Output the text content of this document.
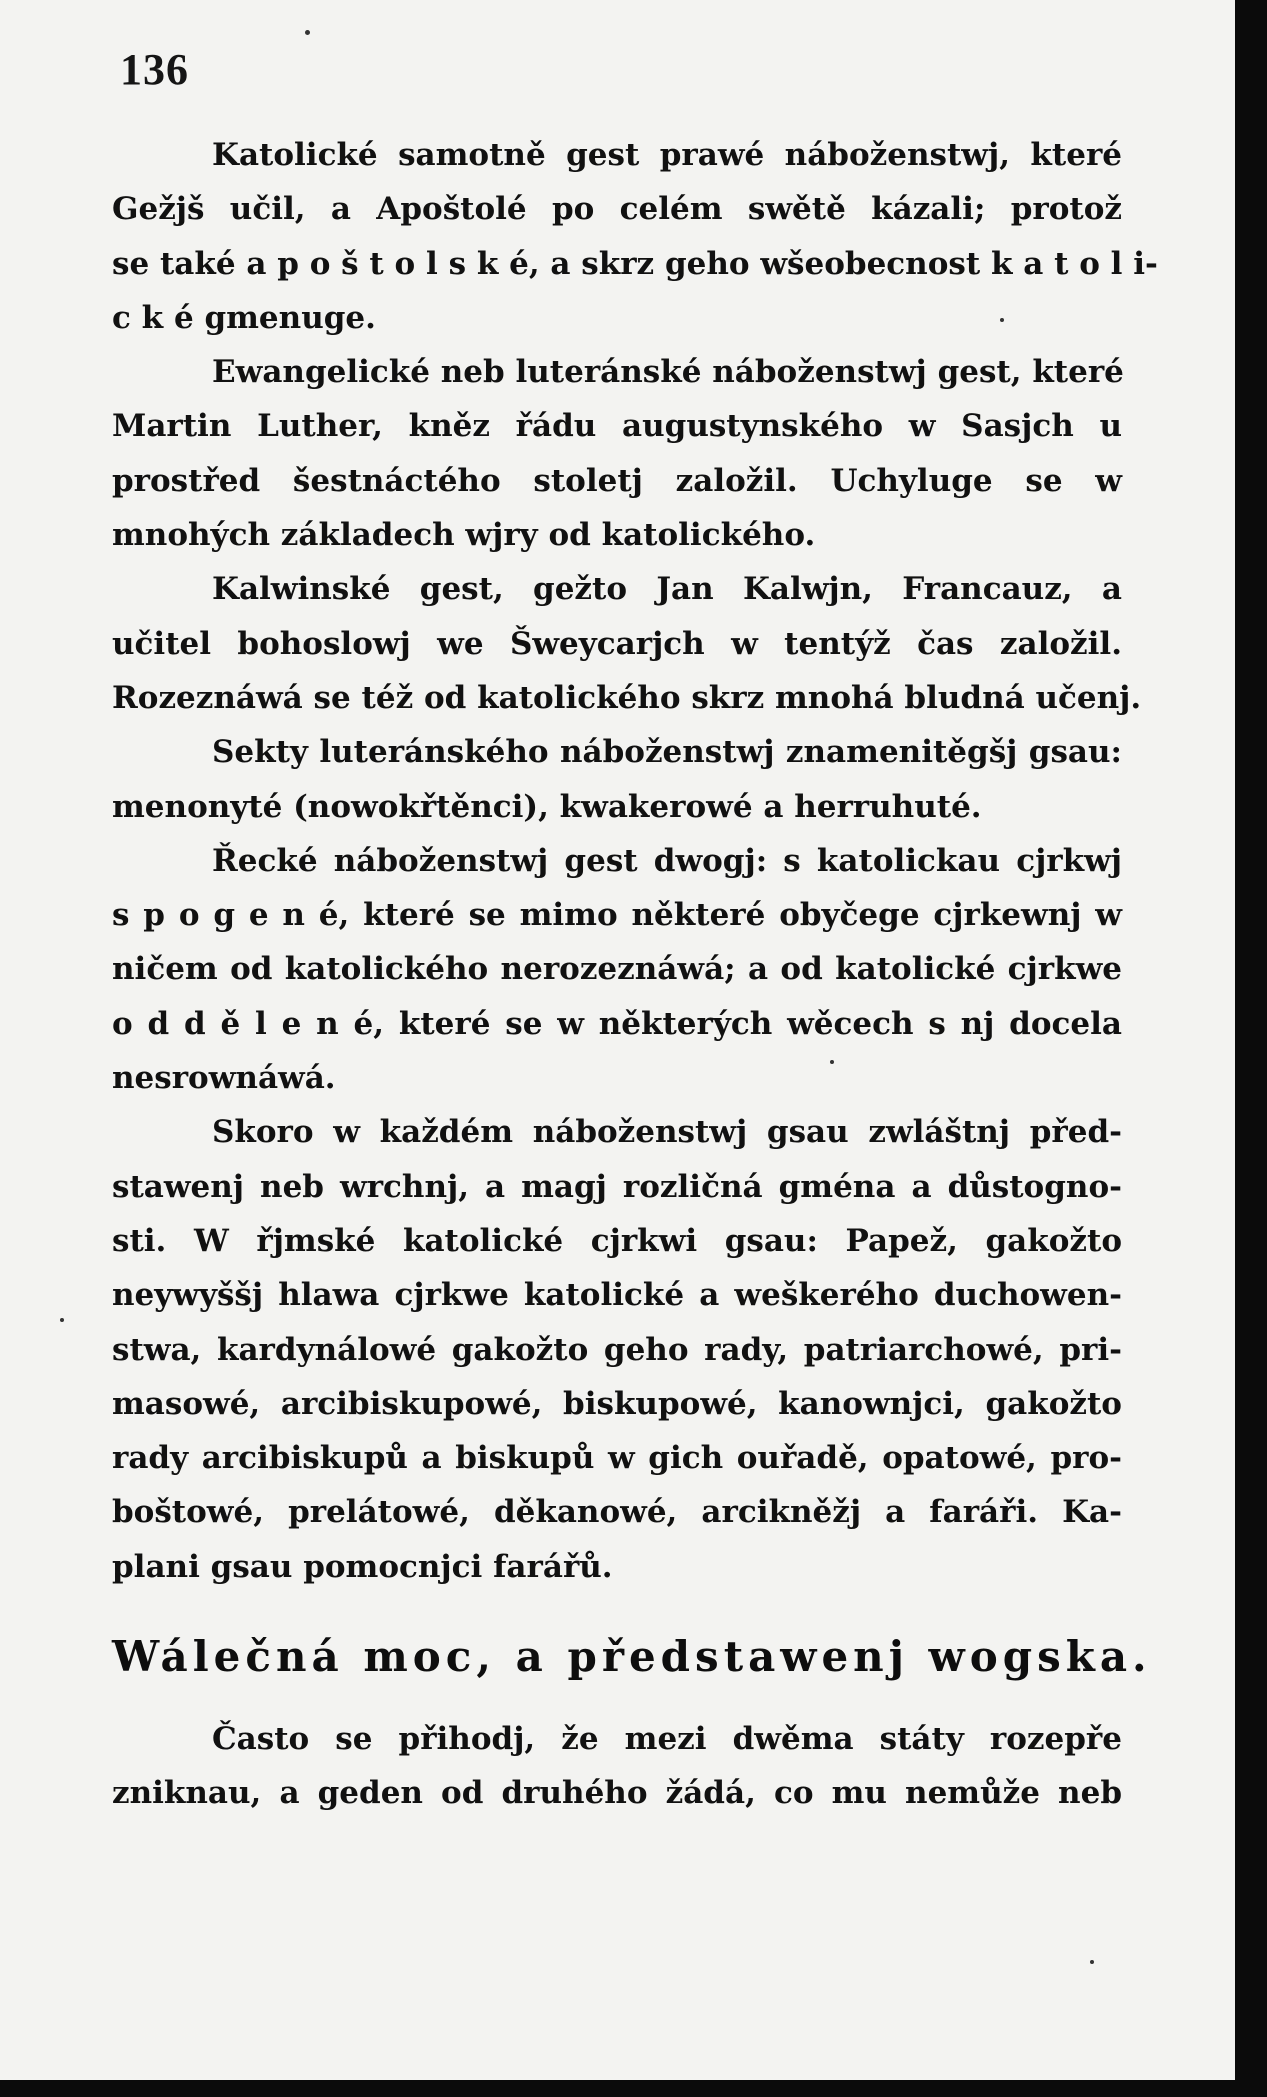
136
Katolické samotně gest prawé náboženstwj, které
Gežjš učil, a Apoštolé po celém swětě kázali; protož
se také a p o š t o l s k é, a skrz geho wšeobecnost k a t o l i-
c k é gmenuge.
Ewangelické neb luteránské náboženstwj gest, které
Martin Luther, kněz řádu augustynského w Sasjch u
prostřed šestnáctého stoletj založil. Uchyluge se w
mnohých základech wjry od katolického.
Kalwinské gest, gežto Jan Kalwjn, Francauz, a
učitel bohoslowj we Šweycarjch w tentýž čas založil.
Rozeznáwá se též od katolického skrz mnohá bludná učenj.
Sekty luteránského náboženstwj znamenitěgšj gsau:
menonyté (nowokřtěnci), kwakerowé a herruhuté.
Řecké náboženstwj gest dwogj: s katolickau cjrkwj
s p o g e n é, které se mimo některé obyčege cjrkewnj w
ničem od katolického nerozeznáwá; a od katolické cjrkwe
o d d ě l e n é, které se w některých wěcech s nj docela
nesrownáwá.
Skoro w každém náboženstwj gsau zwláštnj před-
stawenj neb wrchnj, a magj rozličná gména a důstogno-
sti. W řjmské katolické cjrkwi gsau: Papež, gakožto
neywyššj hlawa cjrkwe katolické a weškerého duchowen-
stwa, kardynálowé gakožto geho rady, patriarchowé, pri-
masowé, arcibiskupowé, biskupowé, kanownjci, gakožto
rady arcibiskupů a biskupů w gich ouřadě, opatowé, pro-
boštowé, prelátowé, děkanowé, arcikněžj a faráři. Ka-
plani gsau pomocnjci farářů.
Wálečná moc, a předstawenj wogska.
Často se přihodj, že mezi dwěma státy rozepře
zniknau, a geden od druhého žádá, co mu nemůže neb
